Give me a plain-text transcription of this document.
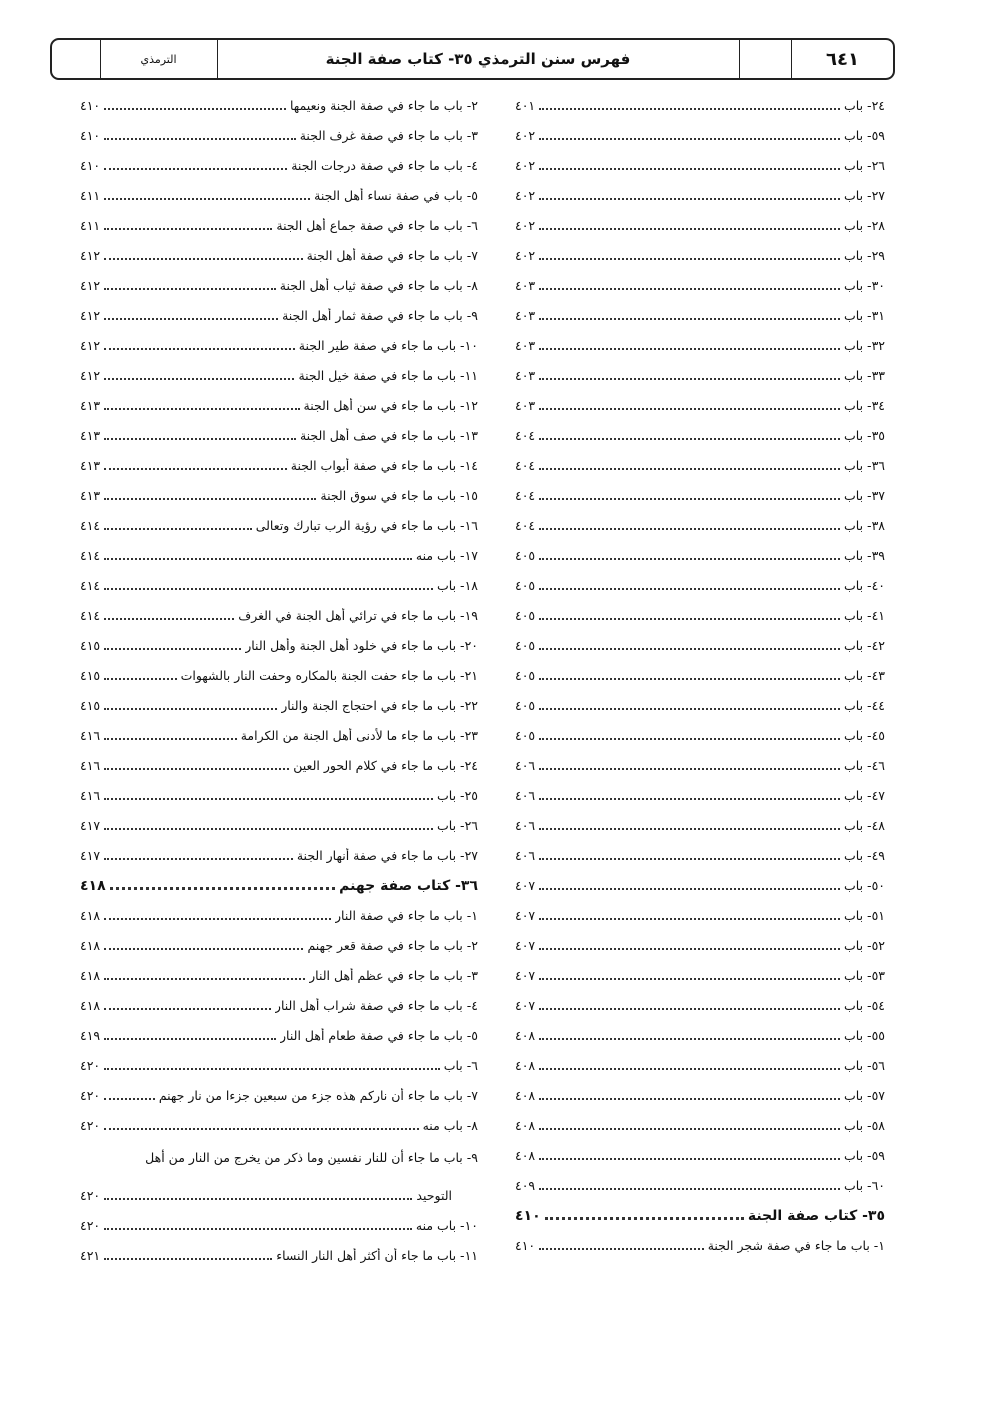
الترمذي	فهرس سنن الترمذي ٣٥- كتاب صفة الجنة	٦٤١
٢٤- باب
٤٠١
٥٩- باب
٤٠٢
٢٦- باب
٤٠٢
٢٧- باب
٤٠٢
٢٨- باب
٤٠٢
٢٩- باب
٤٠٢
٣٠- باب
٤٠٣
٣١- باب
٤٠٣
٣٢- باب
٤٠٣
٣٣- باب
٤٠٣
٣٤- باب
٤٠٣
٣٥- باب
٤٠٤
٣٦- باب
٤٠٤
٣٧- باب
٤٠٤
٣٨- باب
٤٠٤
٣٩- باب
٤٠٥
٤٠- باب
٤٠٥
٤١- باب
٤٠٥
٤٢- باب
٤٠٥
٤٣- باب
٤٠٥
٤٤- باب
٤٠٥
٤٥- باب
٤٠٥
٤٦- باب
٤٠٦
٤٧- باب
٤٠٦
٤٨- باب
٤٠٦
٤٩- باب
٤٠٦
٥٠- باب
٤٠٧
٥١- باب
٤٠٧
٥٢- باب
٤٠٧
٥٣- باب
٤٠٧
٥٤- باب
٤٠٧
٥٥- باب
٤٠٨
٥٦- باب
٤٠٨
٥٧- باب
٤٠٨
٥٨- باب
٤٠٨
٥٩- باب
٤٠٨
٦٠- باب
٤٠٩
٣٥- كتاب صفة الجنة
٤١٠
١- باب ما جاء في صفة شجر الجنة
٤١٠
٢- باب ما جاء في صفة الجنة ونعيمها
٤١٠
٣- باب ما جاء في صفة غرف الجنة
٤١٠
٤- باب ما جاء في صفة درجات الجنة
٤١٠
٥- باب في صفة نساء أهل الجنة
٤١١
٦- باب ما جاء في صفة جماع أهل الجنة
٤١١
٧- باب ما جاء في صفة أهل الجنة
٤١٢
٨- باب ما جاء في صفة ثياب أهل الجنة
٤١٢
٩- باب ما جاء في صفة ثمار أهل الجنة
٤١٢
١٠- باب ما جاء في صفة طير الجنة
٤١٢
١١- باب ما جاء في صفة خيل الجنة
٤١٢
١٢- باب ما جاء في سن أهل الجنة
٤١٣
١٣- باب ما جاء في صف أهل الجنة
٤١٣
١٤- باب ما جاء في صفة أبواب الجنة
٤١٣
١٥- باب ما جاء في سوق الجنة
٤١٣
١٦- باب ما جاء في رؤية الرب تبارك وتعالى
٤١٤
١٧- باب منه
٤١٤
١٨- باب
٤١٤
١٩- باب ما جاء في ترائي أهل الجنة في الغرف
٤١٤
٢٠- باب ما جاء في خلود أهل الجنة وأهل النار
٤١٥
٢١- باب ما جاء حفت الجنة بالمكاره وحفت النار بالشهوات
٤١٥
٢٢- باب ما جاء في احتجاج الجنة والنار
٤١٥
٢٣- باب ما جاء ما لأدنى أهل الجنة من الكرامة
٤١٦
٢٤- باب ما جاء في كلام الحور العين
٤١٦
٢٥- باب
٤١٦
٢٦- باب
٤١٧
٢٧- باب ما جاء في صفة أنهار الجنة
٤١٧
٣٦- كتاب صفة جهنم
٤١٨
١- باب ما جاء في صفة النار
٤١٨
٢- باب ما جاء في صفة قعر جهنم
٤١٨
٣- باب ما جاء في عظم أهل النار
٤١٨
٤- باب ما جاء في صفة شراب أهل النار
٤١٨
٥- باب ما جاء في صفة طعام أهل النار
٤١٩
٦- باب
٤٢٠
٧- باب ما جاء أن ناركم هذه جزء من سبعين جزءا من نار جهنم
٤٢٠
٨- باب منه
٤٢٠
٩- باب ما جاء أن للنار نفسين وما ذكر من يخرج من النار من أهل
التوحيد
٤٢٠
١٠- باب منه
٤٢٠
١١- باب ما جاء أن أكثر أهل النار النساء
٤٢١
